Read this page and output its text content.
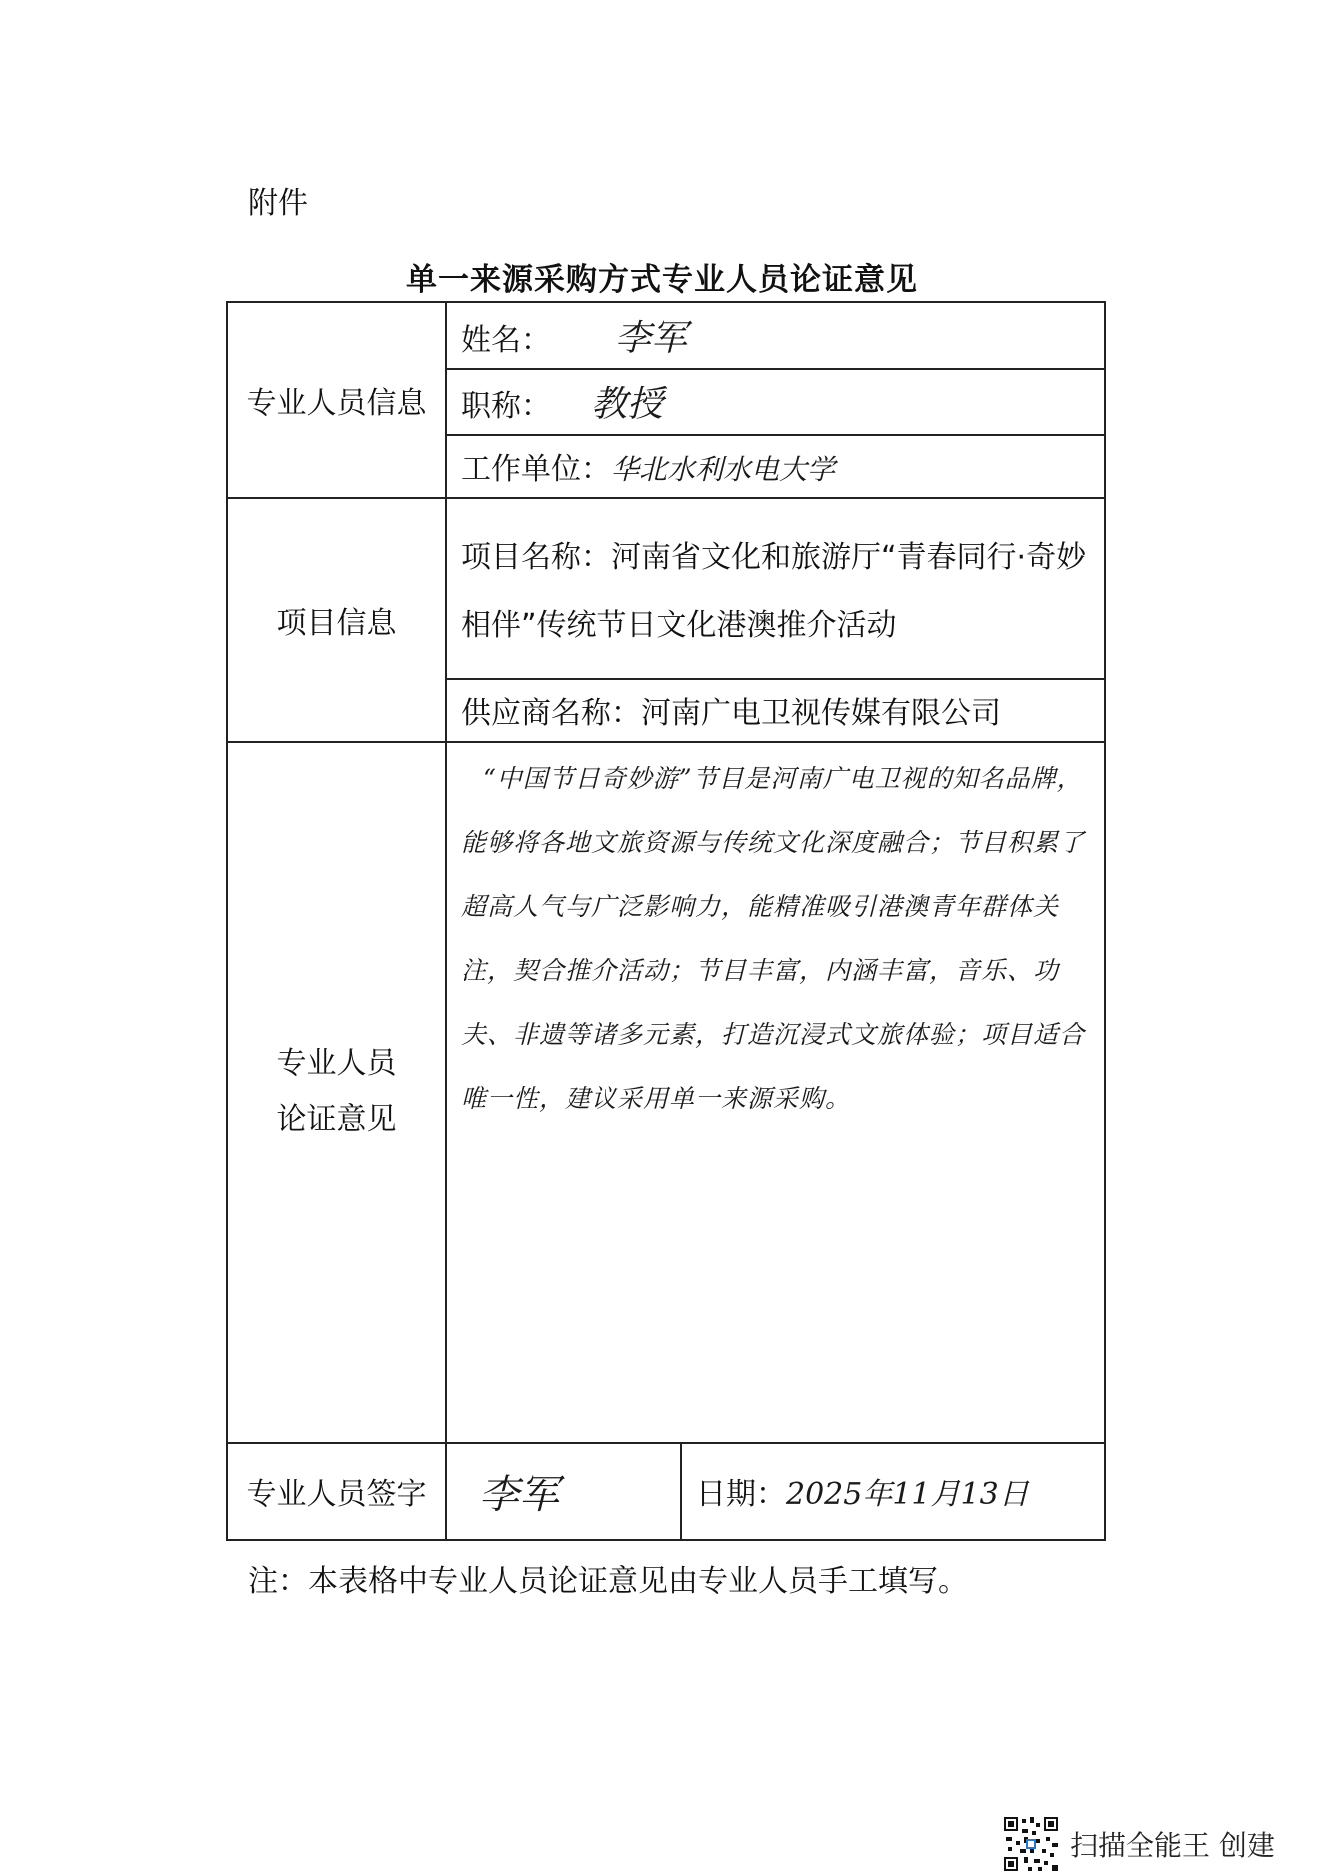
附件
单一来源采购方式专业人员论证意见
专业人员信息	姓名： 李军	
	职称： 教授	
	工作单位：华北水利水电大学	
项目信息	项目名称：河南省文化和旅游厅“青春同行·奇妙相伴”传统节日文化港澳推介活动	
	供应商名称：河南广电卫视传媒有限公司	

专业人员
论证意见	“中国节日奇妙游”节目是河南广电卫视的知名品牌，能够将各地文旅资源与传统文化深度融合；节目积累了超高人气与广泛影响力，能精准吸引港澳青年群体关注，契合推介活动；节目丰富，内涵丰富，音乐、功夫、非遗等诸多元素，打造沉浸式文旅体验；项目适合唯一性，建议采用单一来源采购。	

专业人员签字	李军	日期：2025年11月13日
注：本表格中专业人员论证意见由专业人员手工填写。
扫描全能王 创建
